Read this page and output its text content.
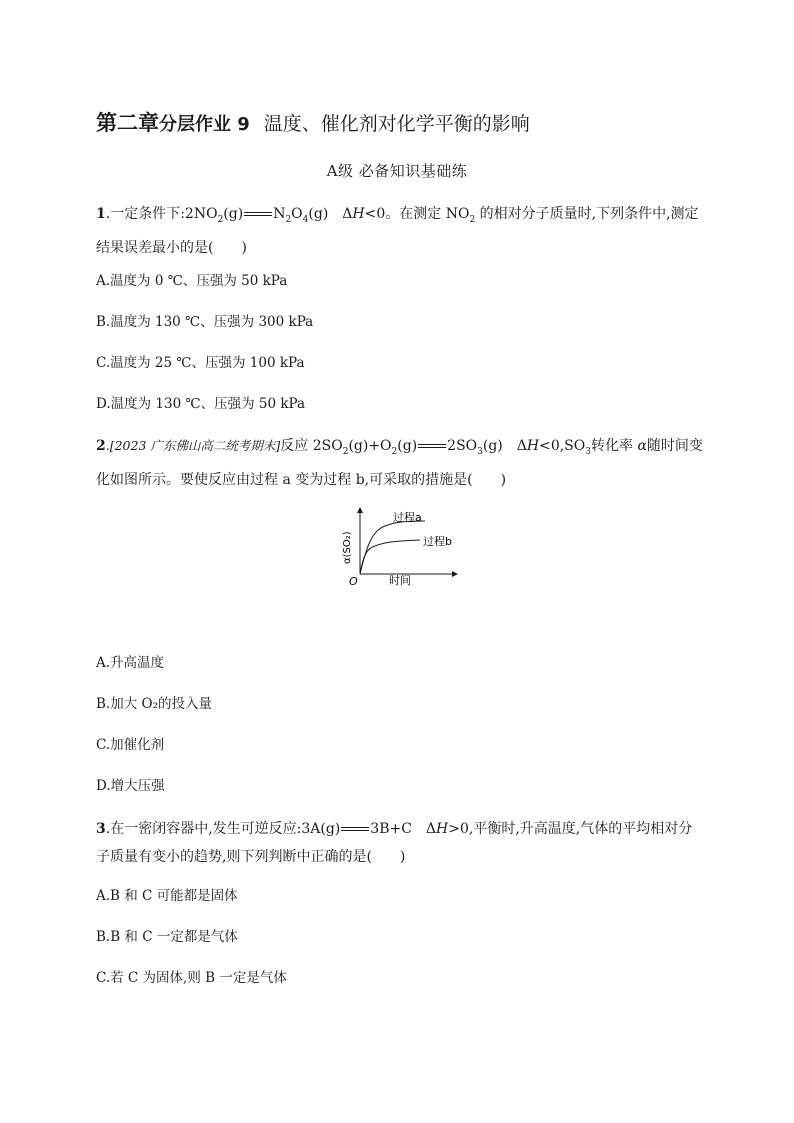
第二章分层作业 9 温度、催化剂对化学平衡的影响
A级 必备知识基础练
1.一定条件下$:2NO_2(g)$ $N_2O_4(g)$　ΔH<0。在测定 $NO_2$ 的相对分子质量时,下列条件中,测定结果误差最小的是(　　)
A.温度为 0 ℃、压强为 50 kPa
B.温度为 130 ℃、压强为 300 kPa
C.温度为 25 ℃、压强为 100 kPa
D.温度为 130 ℃、压强为 50 kPa
2.[2023 广东佛山高二统考期末]反应 $2SO_2(g)+O_2(g)$ $2SO_3(g)$　$\Delta H<0,SO_3$转化率 α随时间变化如图所示。要使反应由过程 a 变为过程 b,可采取的措施是(　　)
过程a
过程b
O	时间
α(SO₂)
A.升高温度
B.加大 O₂的投入量
C.加催化剂
D.增大压强
3.在一密闭容器中,发生可逆反应:3A(g) 3B+C　ΔH>0,平衡时,升高温度,气体的平均相对分子质量有变小的趋势,则下列判断中正确的是(　　)
A.B 和 C 可能都是固体
B.B 和 C 一定都是气体
C.若 C 为固体,则 B 一定是气体
